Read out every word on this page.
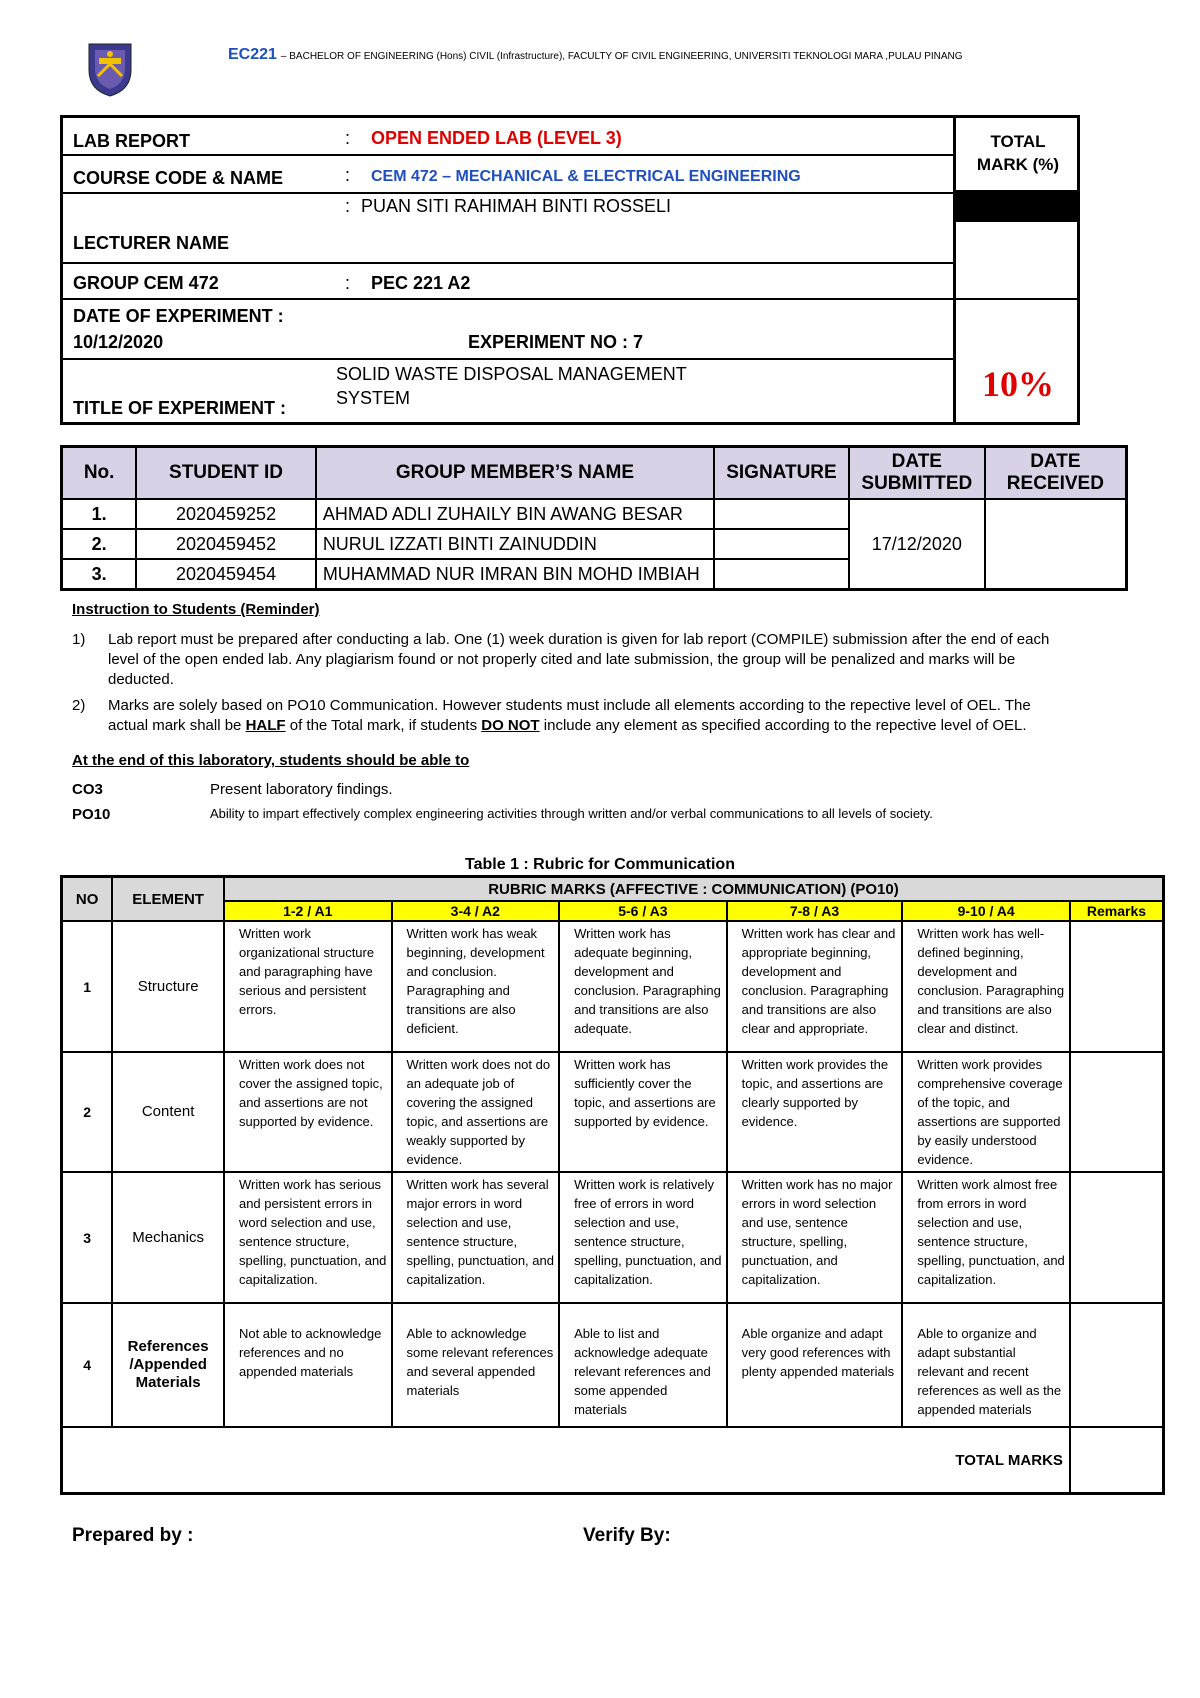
EC221 – BACHELOR OF ENGINEERING (Hons) CIVIL (Infrastructure), FACULTY OF CIVIL ENGINEERING, UNIVERSITI TEKNOLOGI MARA ,PULAU PINANG
LAB REPORT	: OPEN ENDED LAB (LEVEL 3)
COURSE CODE & NAME	: CEM 472 – MECHANICAL & ELECTRICAL ENGINEERING
: PUAN SITI RAHIMAH BINTI ROSSELI
LECTURER NAME
GROUP CEM 472	: PEC 221 A2
DATE OF EXPERIMENT :
10/12/2020	EXPERIMENT NO : 7
SOLID WASTE DISPOSAL MANAGEMENT
SYSTEM
TITLE OF EXPERIMENT :
TOTAL
MARK (%)
10%
No.	STUDENT ID	GROUP MEMBER’S NAME	SIGNATURE	DATE SUBMITTED	DATE RECEIVED
1.	2020459252	AHMAD ADLI ZUHAILY BIN AWANG BESAR		17/12/2020	
2.	2020459452	NURUL IZZATI BINTI ZAINUDDIN			
3.	2020459454	MUHAMMAD NUR IMRAN BIN MOHD IMBIAH			
Instruction to Students (Reminder)
1)	Lab report must be prepared after conducting a lab. One (1) week duration is given for lab report (COMPILE) submission after the end of each level of the open ended lab. Any plagiarism found or not properly cited and late submission, the group will be penalized and marks will be deducted.
2)	Marks are solely based on PO10 Communication. However students must include all elements according to the repective level of OEL. The actual mark shall be HALF of the Total mark, if students DO NOT include any element as specified according to the repective level of OEL.
At the end of this laboratory, students should be able to
CO3	Present laboratory findings.
PO10	Ability to impart effectively complex engineering activities through written and/or verbal communications to all levels of society.
Table 1 : Rubric for Communication
NO	ELEMENT	RUBRIC MARKS (AFFECTIVE : COMMUNICATION) (PO10)					
		1-2 / A1	3-4 / A2	5-6 / A3	7-8 / A3	9-10 / A4	Remarks
1	Structure	Written work organizational structure and paragraphing have serious and persistent errors.	Written work has weak beginning, development and conclusion. Paragraphing and transitions are also deficient.	Written work has adequate beginning, development and conclusion. Paragraphing and transitions are also adequate.	Written work has clear and appropriate beginning, development and conclusion. Paragraphing and transitions are also clear and appropriate.	Written work has well-defined beginning, development and conclusion. Paragraphing and transitions are also clear and distinct.	
2	Content	Written work does not cover the assigned topic, and assertions are not supported by evidence.	Written work does not do an adequate job of covering the assigned topic, and assertions are weakly supported by evidence.	Written work has sufficiently cover the topic, and assertions are supported by evidence.	Written work provides the topic, and assertions are clearly supported by evidence.	Written work provides comprehensive coverage of the topic, and assertions are supported by easily understood evidence.	
3	Mechanics	Written work has serious and persistent errors in word selection and use, sentence structure, spelling, punctuation, and capitalization.	Written work has several major errors in word selection and use, sentence structure, spelling, punctuation, and capitalization.	Written work is relatively free of errors in word selection and use, sentence structure, spelling, punctuation, and capitalization.	Written work has no major errors in word selection and use, sentence structure, spelling, punctuation, and capitalization.	Written work almost free from errors in word selection and use, sentence structure, spelling, punctuation, and capitalization.	
4	References /Appended Materials	Not able to acknowledge references and no appended materials	Able to acknowledge some relevant references and several appended materials	Able to list and acknowledge adequate relevant references and some appended materials	Able organize and adapt very good references with plenty appended materials	Able to organize and adapt substantial relevant and recent references as well as the appended materials	
TOTAL MARKS							
Prepared by :	Verify By:
